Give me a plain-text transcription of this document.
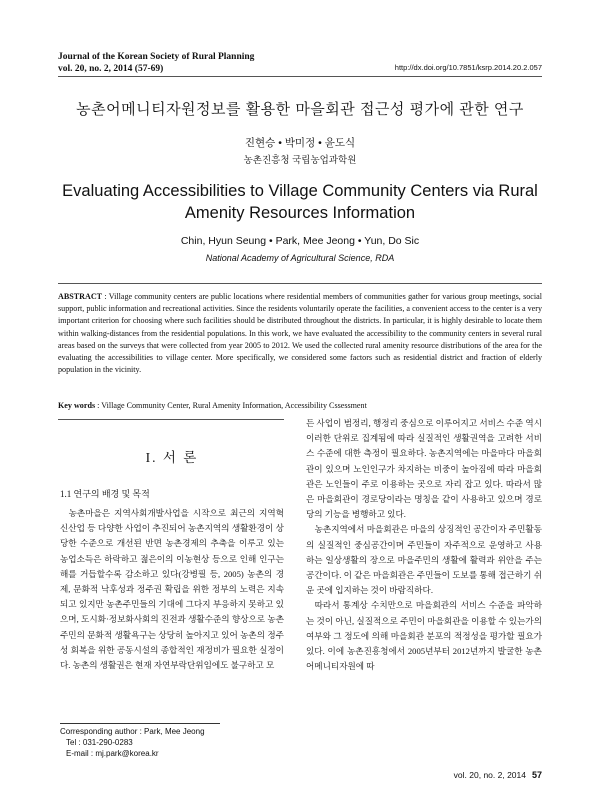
Journal of the Korean Society of Rural Planning
vol. 20, no. 2, 2014 (57-69)	http://dx.doi.org/10.7851/ksrp.2014.20.2.057
농촌어메니티자원정보를 활용한 마을회관 접근성 평가에 관한 연구
진현승 • 박미정 • 윤도식
농촌진흥청 국립농업과학원
Evaluating Accessibilities to Village Community Centers via Rural
Amenity Resources Information
Chin, Hyun Seung • Park, Mee Jeong • Yun, Do Sic
National Academy of Agricultural Science, RDA
ABSTRACT : Village community centers are public locations where residential members of communities gather for various group meetings, social support, public information and recreational activities. Since the residents voluntarily operate the facilities, a convenient access to the center is a very important criterion for choosing where such facilities should be distributed throughout the districts. In particular, it is highly desirable to locate them within walking-distances from the residential populations. In this work, we have evaluated the accessibility to the community centers in several rural areas based on the surveys that were collected from year 2005 to 2012. We used the collected rural amenity resource distributions of the area for the evaluating the accessibilities to village center. More specifically, we considered some factors such as residential district and fraction of elderly population in the vicinity.
Key words : Village Community Center, Rural Amenity Information, Accessibility Cssessment
I. 서 론
1.1 연구의 배경 및 목적

농촌마을은 지역사회개발사업을 시작으로 최근의 지역혁신산업 등 다양한 사업이 추진되어 농촌지역의 생활환경이 상당한 수준으로 개선된 반면 농촌경제의 추축을 이루고 있는 농업소득은 하락하고 젊은이의 이농현상 등으로 인해 인구는 해를 거듭할수록 감소하고 있다(강병필 등, 2005) 농촌의 경제, 문화적 낙후성과 정주권 확립을 위한 정부의 노력은 지속되고 있지만 농촌주민들의 기대에 그다지 부응하지 못하고 있으며, 도시화·정보화사회의 진전과 생활수준의 향상으로 농촌주민의 문화적 생활욕구는 상당히 높아지고 있어 농촌의 정주성 회복을 위한 공동시설의 종합적인 재정비가 필요한 실정이다. 농촌의 생활권은 현재 자연부락단위임에도 불구하고 모

든 사업이 범정리, 행정리 중심으로 이루어지고 서비스 수준 역시 이러한 단위로 집계됨에 따라 실질적인 생활권역을 고려한 서비스 수준에 대한 측정이 필요하다. 농촌지역에는 마을마다 마을회관이 있으며 노인인구가 차지하는 비중이 높아짐에 따라 마을회관은 노인들이 주로 이용하는 곳으로 자리 잡고 있다. 따라서 많은 마을회관이 경로당이라는 명칭을 같이 사용하고 있으며 경로당의 기능을 병행하고 있다.

농촌지역에서 마을회관은 마을의 상징적인 공간이자 주민활동의 실질적인 중심공간이며 주민들이 자주적으로 운영하고 사용하는 일상생활의 장으로 마을주민의 생활에 활력과 위안을 주는 공간이다. 이 같은 마을회관은 주민들이 도보를 통해 접근하기 쉬운 곳에 입지하는 것이 바람직하다.

따라서 통계상 수치만으로 마을회관의 서비스 수준을 파악하는 것이 아닌, 실질적으로 주민이 마을회관을 이용할 수 있는가의 여부와 그 정도에 의해 마을회관 분포의 적정성을 평가할 필요가 있다. 이에 농촌진흥청에서 2005년부터 2012년까지 발굴한 농촌어메니티자원에 따

Corresponding author : Park, Mee Jeong
Tel : 031-290-0283
E-mail : mj.park@korea.kr
vol. 20, no. 2, 2014 57
